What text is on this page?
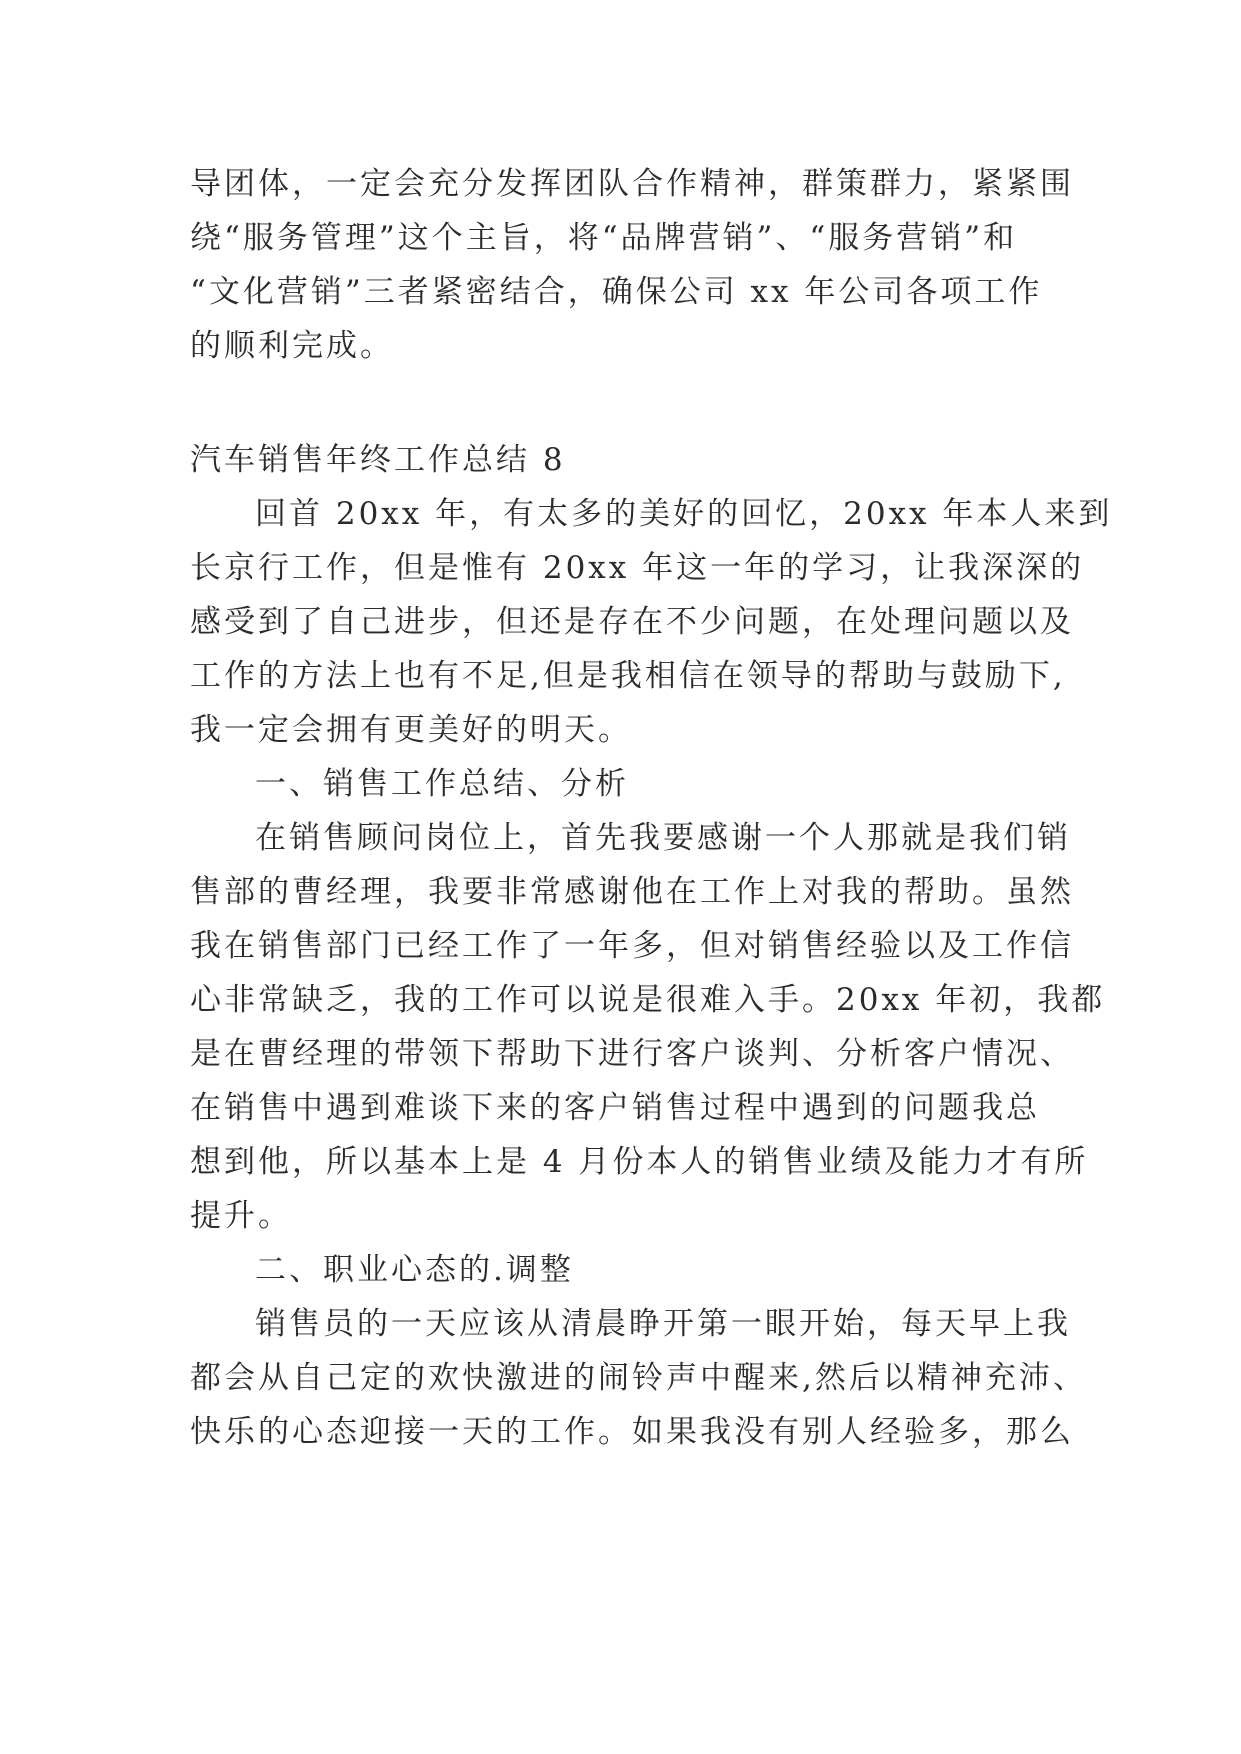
导团体，一定会充分发挥团队合作精神，群策群力，紧紧围
绕“服务管理”这个主旨，将“品牌营销”、“服务营销”和
“文化营销”三者紧密结合，确保公司 xx 年公司各项工作
的顺利完成。
汽车销售年终工作总结 8
回首 20xx 年，有太多的美好的回忆，20xx 年本人来到
长京行工作，但是惟有 20xx 年这一年的学习，让我深深的
感受到了自己进步，但还是存在不少问题，在处理问题以及
工作的方法上也有不足,但是我相信在领导的帮助与鼓励下,
我一定会拥有更美好的明天。
一、销售工作总结、分析
在销售顾问岗位上，首先我要感谢一个人那就是我们销
售部的曹经理，我要非常感谢他在工作上对我的帮助。虽然
我在销售部门已经工作了一年多，但对销售经验以及工作信
心非常缺乏，我的工作可以说是很难入手。20xx 年初，我都
是在曹经理的带领下帮助下进行客户谈判、分析客户情况、
在销售中遇到难谈下来的客户销售过程中遇到的问题我总
想到他，所以基本上是 4 月份本人的销售业绩及能力才有所
提升。
二、职业心态的.调整
销售员的一天应该从清晨睁开第一眼开始，每天早上我
都会从自己定的欢快激进的闹铃声中醒来,然后以精神充沛、
快乐的心态迎接一天的工作。如果我没有别人经验多，那么
